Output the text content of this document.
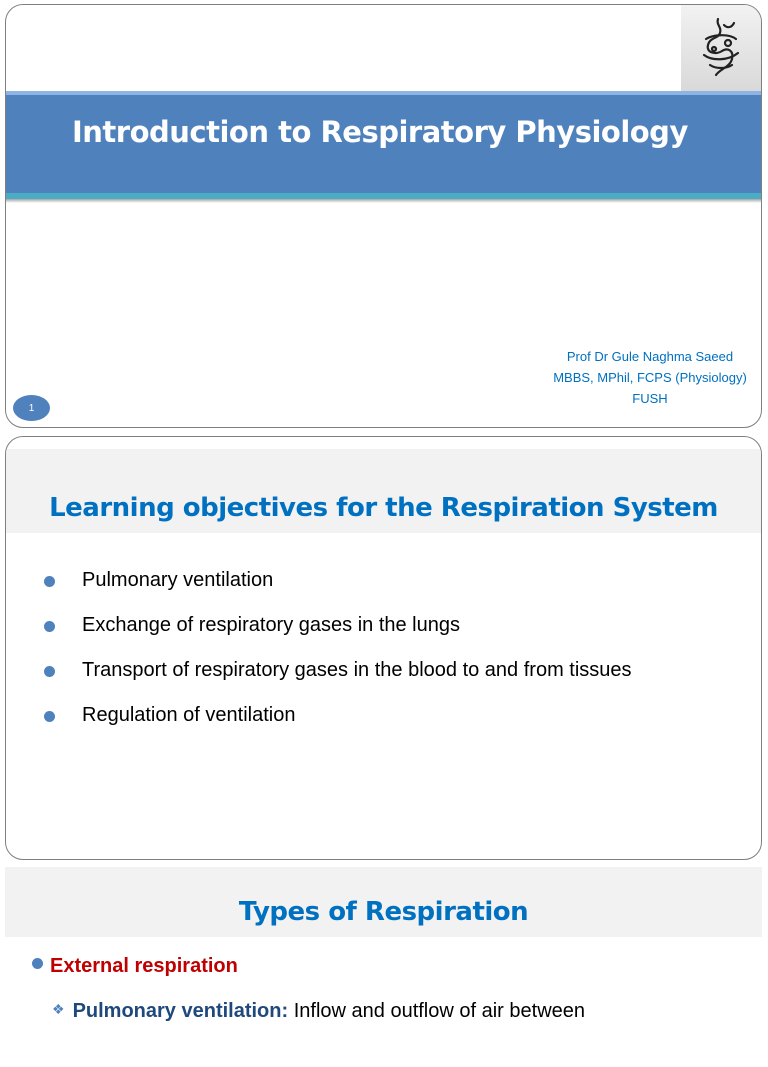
Introduction to Respiratory Physiology
Prof Dr Gule Naghma Saeed
MBBS, MPhil, FCPS (Physiology)
FUSH
1
Learning objectives for the Respiration System
Pulmonary ventilation
Exchange of respiratory gases in the lungs
Transport of respiratory gases in the blood to and from tissues
Regulation of ventilation
Types of Respiration
External respiration
❖ Pulmonary ventilation: Inflow and outflow of air between
